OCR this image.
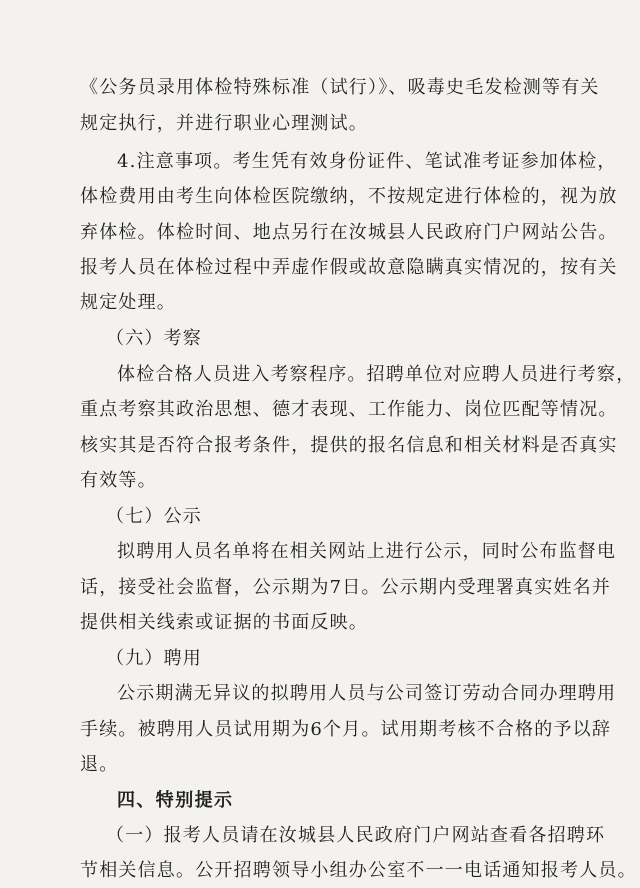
《公务员录用体检特殊标准（试行）》、吸毒史毛发检测等有关
规定执行，并进行职业心理测试。
4.注意事项。考生凭有效身份证件、笔试准考证参加体检，
体检费用由考生向体检医院缴纳，不按规定进行体检的，视为放
弃体检。体检时间、地点另行在汝城县人民政府门户网站公告。
报考人员在体检过程中弄虚作假或故意隐瞒真实情况的，按有关
规定处理。
（六）考察
体检合格人员进入考察程序。招聘单位对应聘人员进行考察，
重点考察其政治思想、德才表现、工作能力、岗位匹配等情况。
核实其是否符合报考条件，提供的报名信息和相关材料是否真实
有效等。
（七）公示
拟聘用人员名单将在相关网站上进行公示，同时公布监督电
话，接受社会监督，公示期为7日。公示期内受理署真实姓名并
提供相关线索或证据的书面反映。
（九）聘用
公示期满无异议的拟聘用人员与公司签订劳动合同办理聘用
手续。被聘用人员试用期为6个月。试用期考核不合格的予以辞
退。
四、特别提示
（一）报考人员请在汝城县人民政府门户网站查看各招聘环
节相关信息。公开招聘领导小组办公室不一一电话通知报考人员。
